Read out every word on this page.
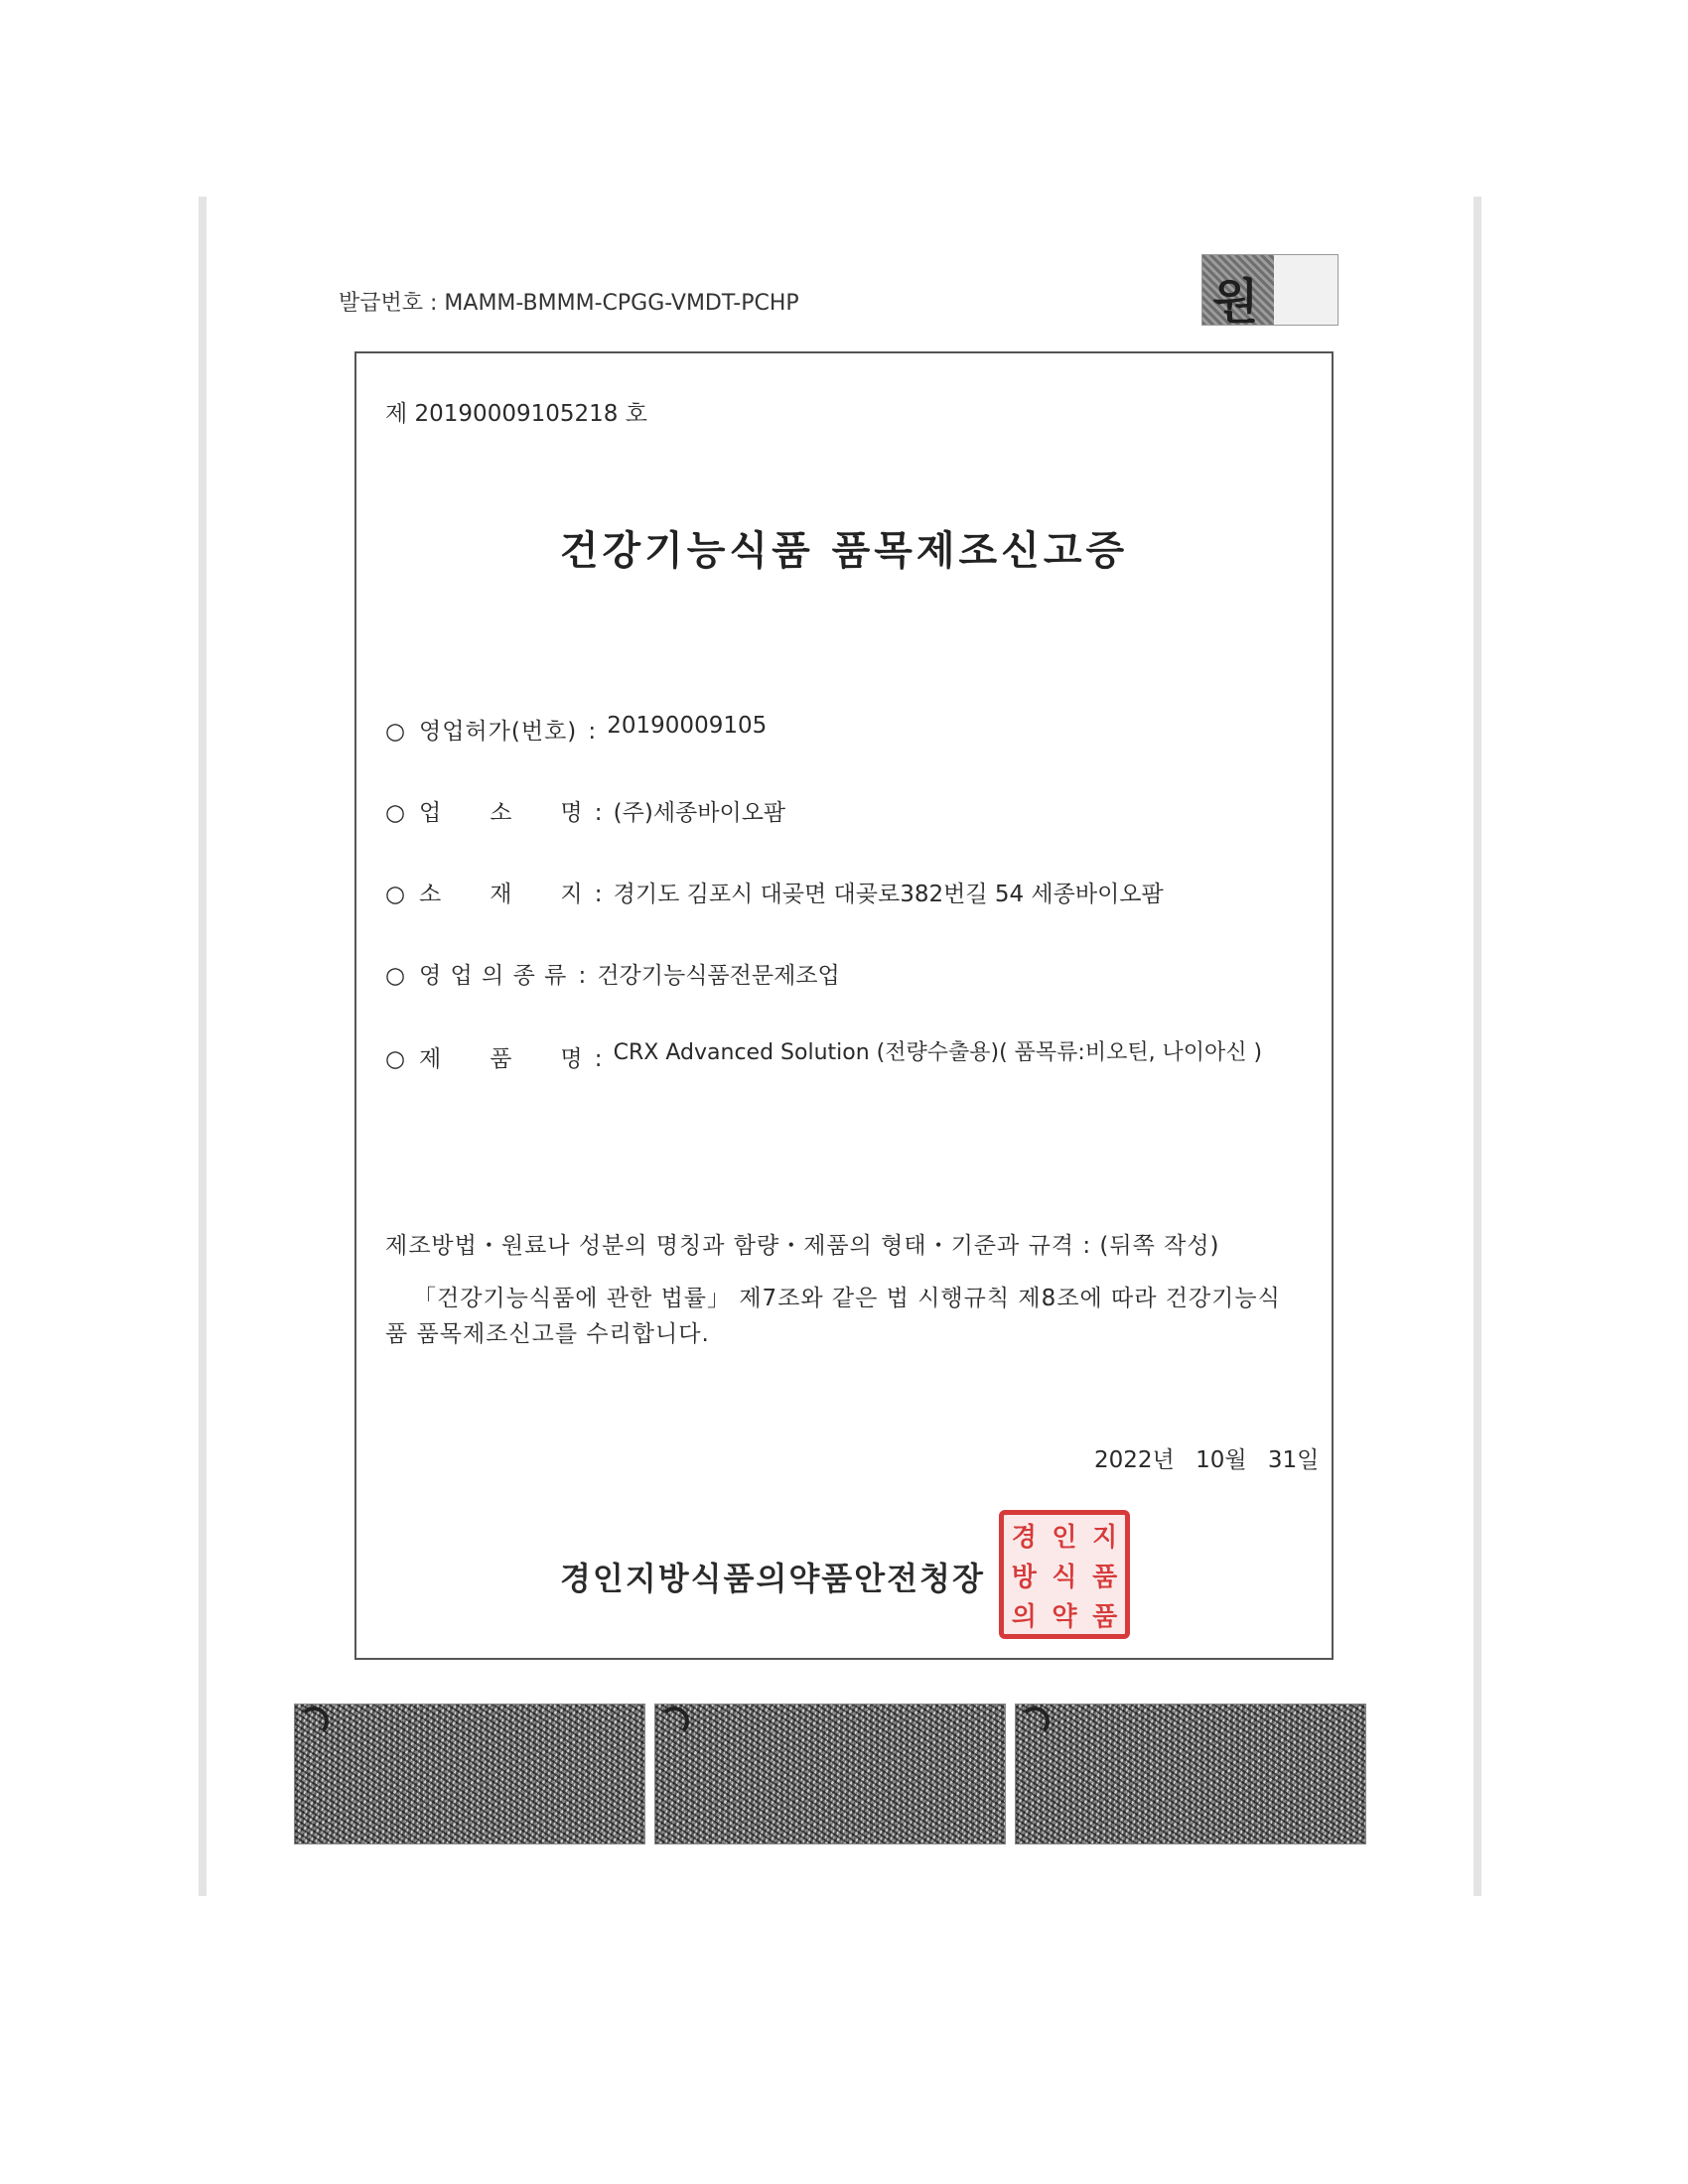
발급번호 : MAMM-BMMM-CPGG-VMDT-PCHP	원
제 20190009105218 호
건강기능식품 품목제조신고증
○ 영업허가(번호) : 20190009105
○ 업　　소　　명 : (주)세종바이오팜
○ 소　　재　　지 : 경기도 김포시 대곶면 대곶로382번길 54 세종바이오팜
○ 영 업 의 종 류 : 건강기능식품전문제조업
○ 제　　품　　명 : CRX Advanced Solution (전량수출용)( 품목류:비오틴, 나이아신 )
제조방법・원료나 성분의 명칭과 함량・제품의 형태・기준과 규격 : (뒤쪽 작성)
「건강기능식품에 관한 법률」 제7조와 같은 법 시행규칙 제8조에 따라 건강기능식품 품목제조신고를 수리합니다.
2022년 10월 31일
경인지방식품의약품안전청장
경 인 지
방 식 품
의 약 품
